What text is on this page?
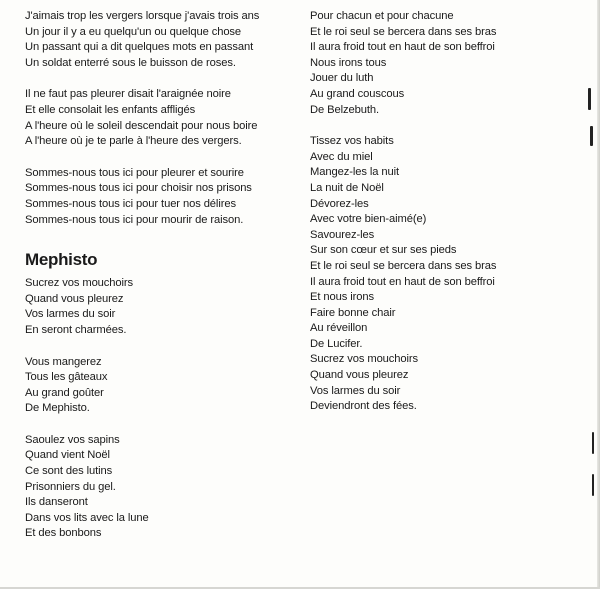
J'aimais trop les vergers lorsque j'avais trois ans
Un jour il y a eu quelqu'un ou quelque chose
Un passant qui a dit quelques mots en passant
Un soldat enterré sous le buisson de roses.
Il ne faut pas pleurer disait l'araignée noire
Et elle consolait les enfants affligés
A l'heure où le soleil descendait pour nous boire
A l'heure où je te parle à l'heure des vergers.
Sommes-nous tous ici pour pleurer et sourire
Sommes-nous tous ici pour choisir nos prisons
Sommes-nous tous ici pour tuer nos délires
Sommes-nous tous ici pour mourir de raison.
Mephisto
Sucrez vos mouchoirs
Quand vous pleurez
Vos larmes du soir
En seront charmées.
Vous mangerez
Tous les gâteaux
Au grand goûter
De Mephisto.
Saoulez vos sapins
Quand vient Noël
Ce sont des lutins
Prisonniers du gel.
Ils danseront
Dans vos lits avec la lune
Et des bonbons
Pour chacun et pour chacune
Et le roi seul se bercera dans ses bras
Il aura froid tout en haut de son beffroi
Nous irons tous
Jouer du luth
Au grand couscous
De Belzebuth.
Tissez vos habits
Avec du miel
Mangez-les la nuit
La nuit de Noël
Dévorez-les
Avec votre bien-aimé(e)
Savourez-les
Sur son cœur et sur ses pieds
Et le roi seul se bercera dans ses bras
Il aura froid tout en haut de son beffroi
Et nous irons
Faire bonne chair
Au réveillon
De Lucifer.
Sucrez vos mouchoirs
Quand vous pleurez
Vos larmes du soir
Deviendront des fées.
